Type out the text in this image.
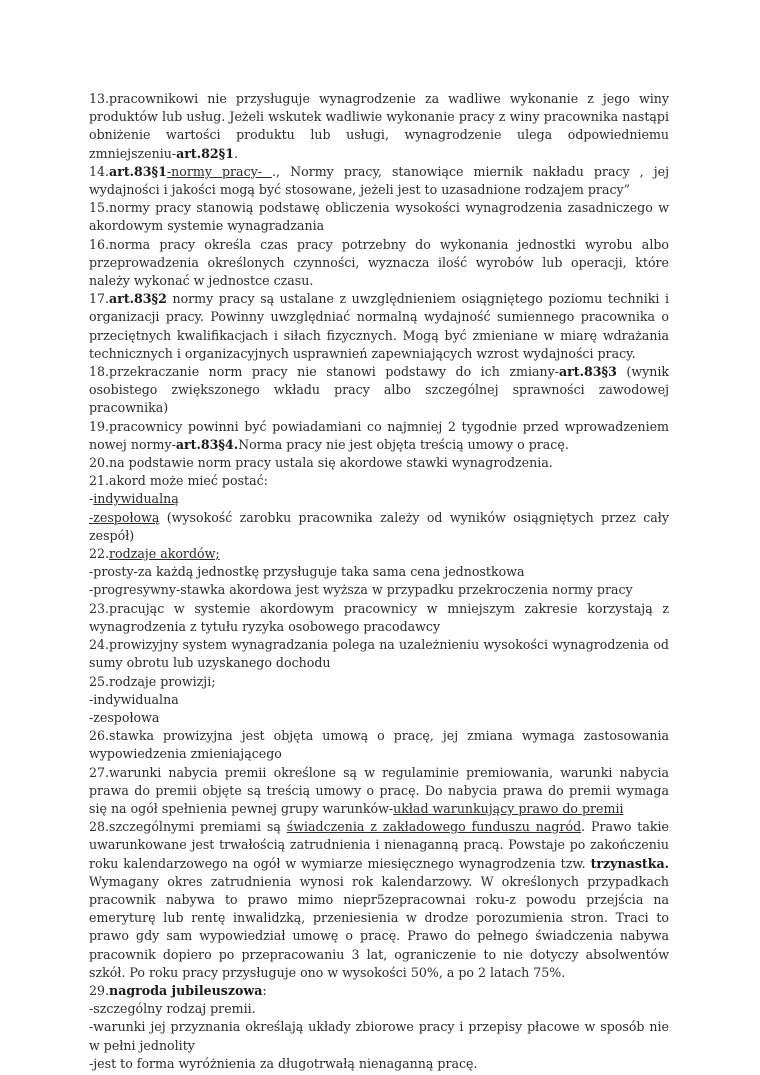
13.pracownikowi nie przysługuje wynagrodzenie za wadliwe wykonanie z jego winy produktów lub usług. Jeżeli wskutek wadliwie wykonanie pracy z winy pracownika nastąpi obniżenie wartości produktu lub usługi, wynagrodzenie ulega odpowiedniemu zmniejszeniu-art.82§1.

14.art.83§1-normy pracy- ., Normy pracy, stanowiące miernik nakładu pracy , jej wydajności i jakości mogą być stosowane, jeżeli jest to uzasadnione rodzajem pracy”

15.normy pracy stanowią podstawę obliczenia wysokości wynagrodzenia zasadniczego w akordowym systemie wynagradzania

16.norma pracy określa czas pracy potrzebny do wykonania jednostki wyrobu albo przeprowadzenia określonych czynności, wyznacza ilość wyrobów lub operacji, które należy wykonać w jednostce czasu.

17.art.83§2 normy pracy są ustalane z uwzględnieniem osiągniętego poziomu techniki i organizacji pracy. Powinny uwzględniać normalną wydajność sumiennego pracownika o przeciętnych kwalifikacjach i siłach fizycznych. Mogą być zmieniane w miarę wdrażania technicznych i organizacyjnych usprawnień zapewniających wzrost wydajności pracy.

18.przekraczanie norm pracy nie stanowi podstawy do ich zmiany-art.83§3 (wynik osobistego zwiększonego wkładu pracy albo szczególnej sprawności zawodowej pracownika)

19.pracownicy powinni być powiadamiani co najmniej 2 tygodnie przed wprowadzeniem nowej normy-art.83§4.Norma pracy nie jest objęta treścią umowy o pracę.

20.na podstawie norm pracy ustala się akordowe stawki wynagrodzenia.

21.akord może mieć postać:

-indywidualną

-zespołową (wysokość zarobku pracownika zależy od wyników osiągniętych przez cały zespół)

22.rodzaje akordów;

-prosty-za każdą jednostkę przysługuje taka sama cena jednostkowa

-progresywny-stawka akordowa jest wyższa w przypadku przekroczenia normy pracy

23.pracując w systemie akordowym pracownicy w mniejszym zakresie korzystają z wynagrodzenia z tytułu ryzyka osobowego pracodawcy

24.prowizyjny system wynagradzania polega na uzależnieniu wysokości wynagrodzenia od sumy obrotu lub uzyskanego dochodu

25.rodzaje prowizji;

-indywidualna

-zespołowa

26.stawka prowizyjna jest objęta umową o pracę, jej zmiana wymaga zastosowania wypowiedzenia zmieniającego

27.warunki nabycia premii określone są w regulaminie premiowania, warunki nabycia prawa do premii objęte są treścią umowy o pracę. Do nabycia prawa do premii wymaga się na ogół spełnienia pewnej grupy warunków-układ warunkujący prawo do premii

28.szczególnymi premiami są świadczenia z zakładowego funduszu nagród. Prawo takie uwarunkowane jest trwałością zatrudnienia i nienaganną pracą. Powstaje po zakończeniu roku kalendarzowego na ogół w wymiarze miesięcznego wynagrodzenia tzw. trzynastka. Wymagany okres zatrudnienia wynosi rok kalendarzowy. W określonych przypadkach pracownik nabywa to prawo mimo niepr5zepracownai roku-z powodu przejścia na emeryturę lub rentę inwalidzką, przeniesienia w drodze porozumienia stron. Traci to prawo gdy sam wypowiedział umowę o pracę. Prawo do pełnego świadczenia nabywa pracownik dopiero po przepracowaniu 3 lat, ograniczenie to nie dotyczy absolwentów szkół. Po roku pracy przysługuje ono w wysokości 50%, a po 2 latach 75%.

29.nagroda jubileuszowa:

-szczególny rodzaj premii.

-warunki jej przyznania określają układy zbiorowe pracy i przepisy płacowe w sposób nie w pełni jednolity

-jest to forma wyróżnienia za długotrwałą nienaganną pracę.
